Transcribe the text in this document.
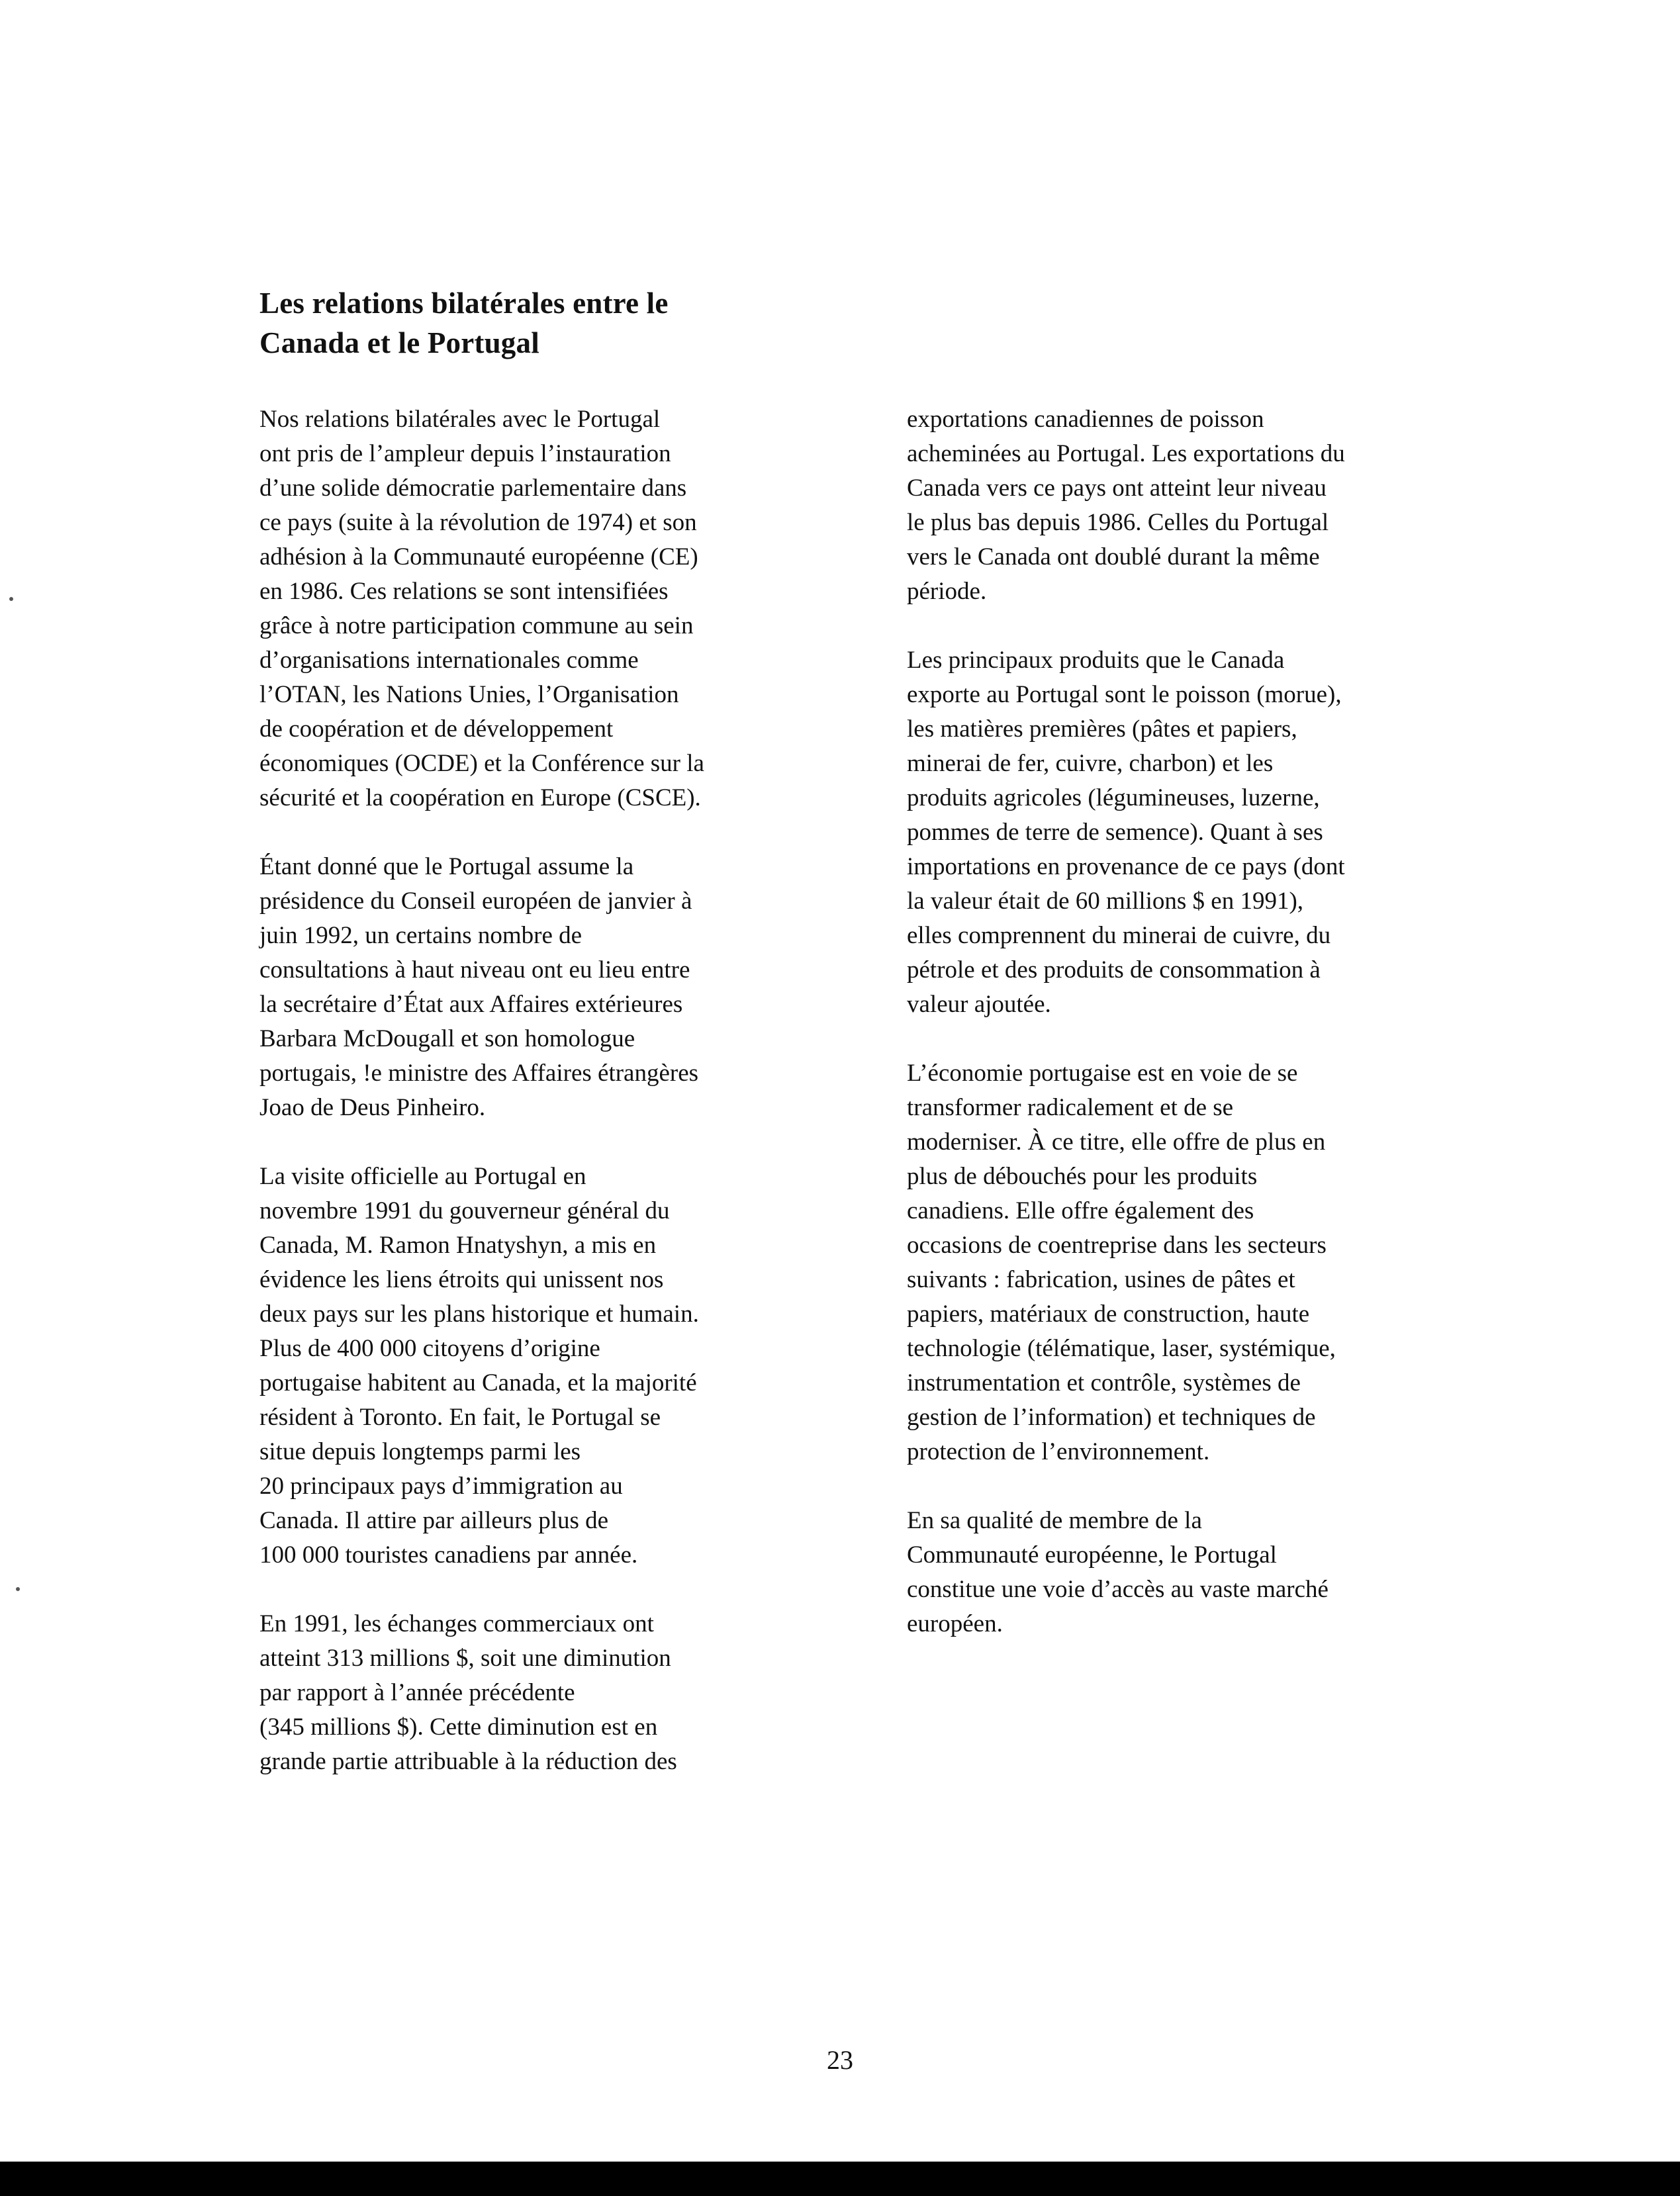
Les relations bilatérales entre le
Canada et le Portugal

Nos relations bilatérales avec le Portugal
ont pris de l’ampleur depuis l’instauration
d’une solide démocratie parlementaire dans
ce pays (suite à la révolution de 1974) et son
adhésion à la Communauté européenne (CE)
en 1986. Ces relations se sont intensifiées
grâce à notre participation commune au sein
d’organisations internationales comme
l’OTAN, les Nations Unies, l’Organisation
de coopération et de développement
économiques (OCDE) et la Conférence sur la
sécurité et la coopération en Europe (CSCE).

Étant donné que le Portugal assume la
présidence du Conseil européen de janvier à
juin 1992, un certains nombre de
consultations à haut niveau ont eu lieu entre
la secrétaire d’État aux Affaires extérieures
Barbara McDougall et son homologue
portugais, !e ministre des Affaires étrangères
Joao de Deus Pinheiro.

La visite officielle au Portugal en
novembre 1991 du gouverneur général du
Canada, M. Ramon Hnatyshyn, a mis en
évidence les liens étroits qui unissent nos
deux pays sur les plans historique et humain.
Plus de 400 000 citoyens d’origine
portugaise habitent au Canada, et la majorité
résident à Toronto. En fait, le Portugal se
situe depuis longtemps parmi les
20 principaux pays d’immigration au
Canada. Il attire par ailleurs plus de
100 000 touristes canadiens par année.

En 1991, les échanges commerciaux ont
atteint 313 millions $, soit une diminution
par rapport à l’année précédente
(345 millions $). Cette diminution est en
grande partie attribuable à la réduction des

exportations canadiennes de poisson
acheminées au Portugal. Les exportations du
Canada vers ce pays ont atteint leur niveau
le plus bas depuis 1986. Celles du Portugal
vers le Canada ont doublé durant la même
période.

Les principaux produits que le Canada
exporte au Portugal sont le poisson (morue),
les matières premières (pâtes et papiers,
minerai de fer, cuivre, charbon) et les
produits agricoles (légumineuses, luzerne,
pommes de terre de semence). Quant à ses
importations en provenance de ce pays (dont
la valeur était de 60 millions $ en 1991),
elles comprennent du minerai de cuivre, du
pétrole et des produits de consommation à
valeur ajoutée.

L’économie portugaise est en voie de se
transformer radicalement et de se
moderniser. À ce titre, elle offre de plus en
plus de débouchés pour les produits
canadiens. Elle offre également des
occasions de coentreprise dans les secteurs
suivants : fabrication, usines de pâtes et
papiers, matériaux de construction, haute
technologie (télématique, laser, systémique,
instrumentation et contrôle, systèmes de
gestion de l’information) et techniques de
protection de l’environnement.

En sa qualité de membre de la
Communauté européenne, le Portugal
constitue une voie d’accès au vaste marché
européen.

23
